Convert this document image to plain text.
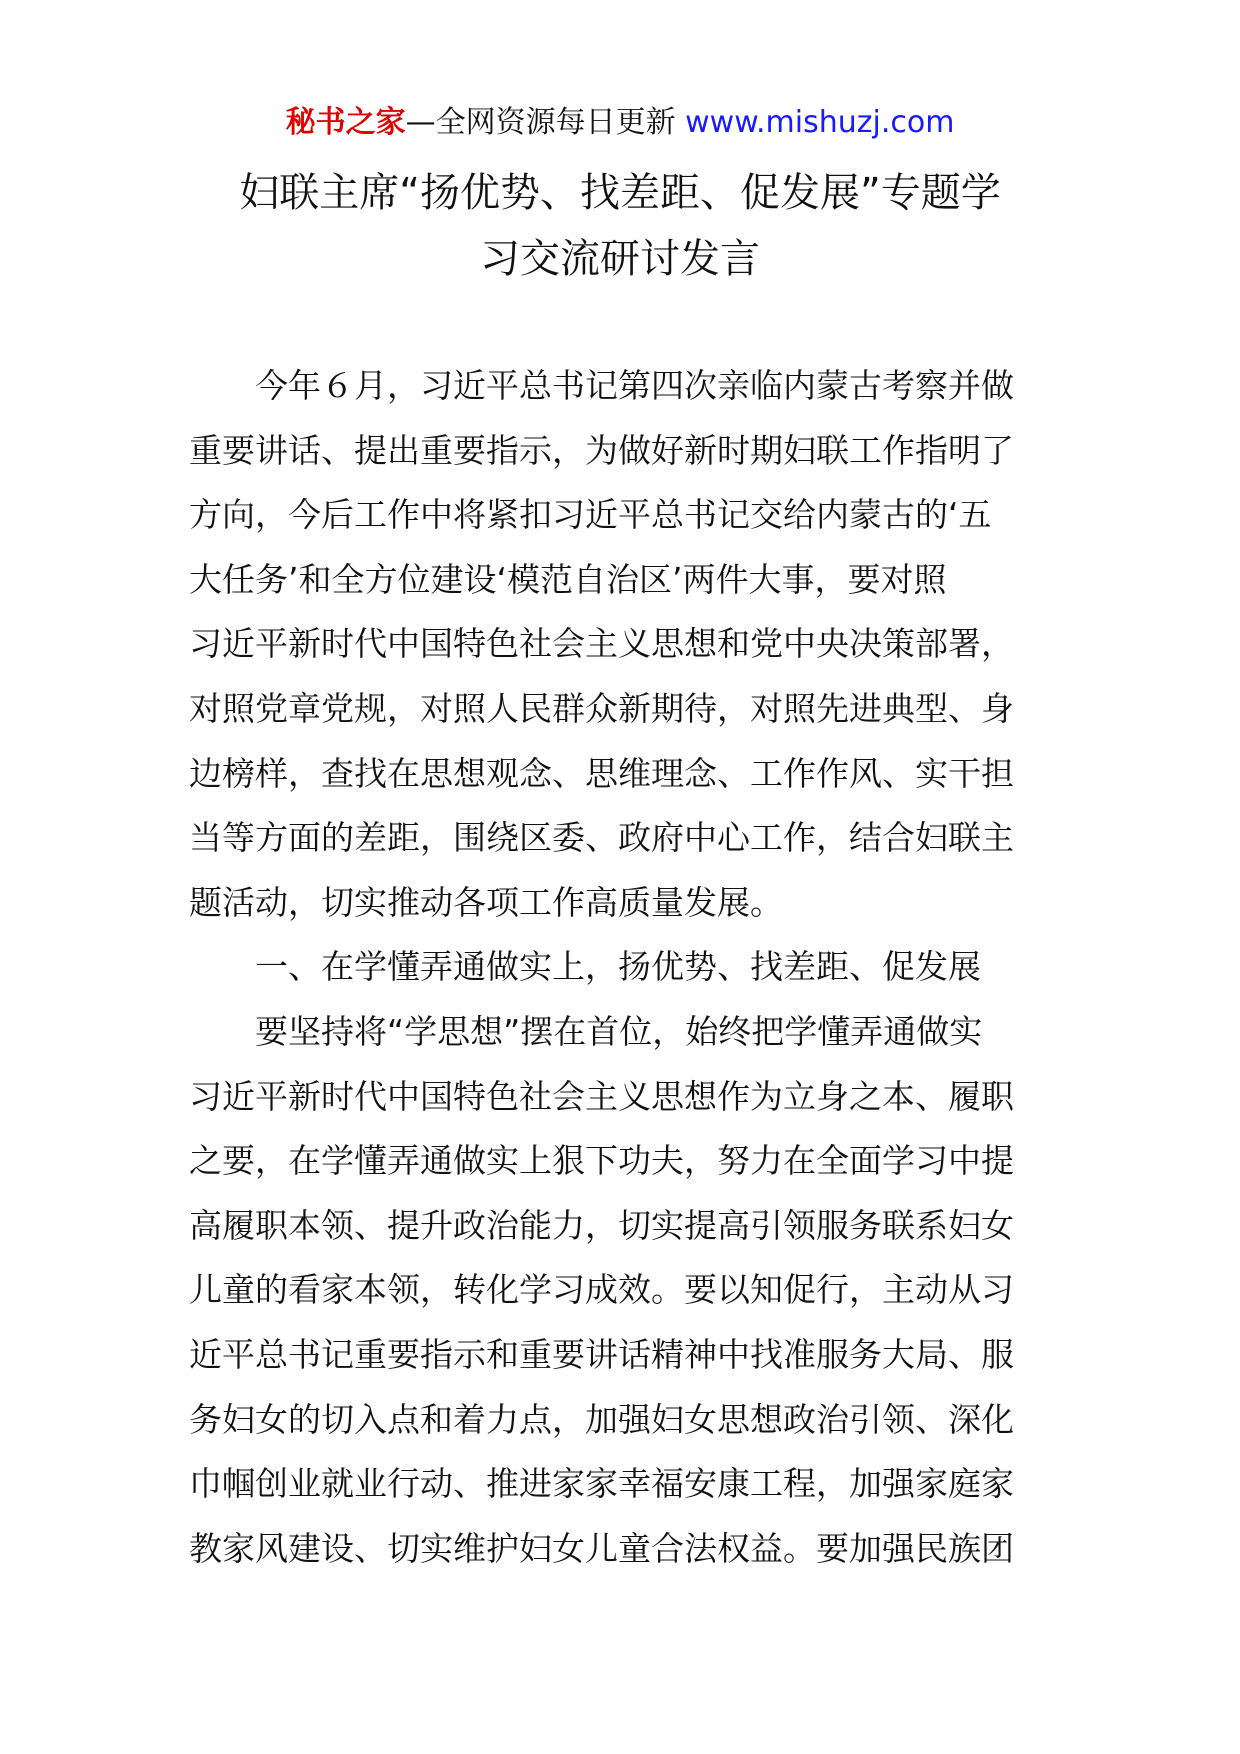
秘书之家—全网资源每日更新 www.mishuzj.com
妇联主席“扬优势、找差距、促发展”专题学
习交流研讨发言
今年６月，习近平总书记第四次亲临内蒙古考察并做
重要讲话、提出重要指示，为做好新时期妇联工作指明了
方向，今后工作中将紧扣习近平总书记交给内蒙古的‘五
大任务’和全方位建设‘模范自治区’两件大事，要对照
习近平新时代中国特色社会主义思想和党中央决策部署，
对照党章党规，对照人民群众新期待，对照先进典型、身
边榜样，查找在思想观念、思维理念、工作作风、实干担
当等方面的差距，围绕区委、政府中心工作，结合妇联主
题活动，切实推动各项工作高质量发展。
一、在学懂弄通做实上，扬优势、找差距、促发展
要坚持将“学思想”摆在首位，始终把学懂弄通做实
习近平新时代中国特色社会主义思想作为立身之本、履职
之要，在学懂弄通做实上狠下功夫，努力在全面学习中提
高履职本领、提升政治能力，切实提高引领服务联系妇女
儿童的看家本领，转化学习成效。要以知促行，主动从习
近平总书记重要指示和重要讲话精神中找准服务大局、服
务妇女的切入点和着力点，加强妇女思想政治引领、深化
巾帼创业就业行动、推进家家幸福安康工程，加强家庭家
教家风建设、切实维护妇女儿童合法权益。要加强民族团
